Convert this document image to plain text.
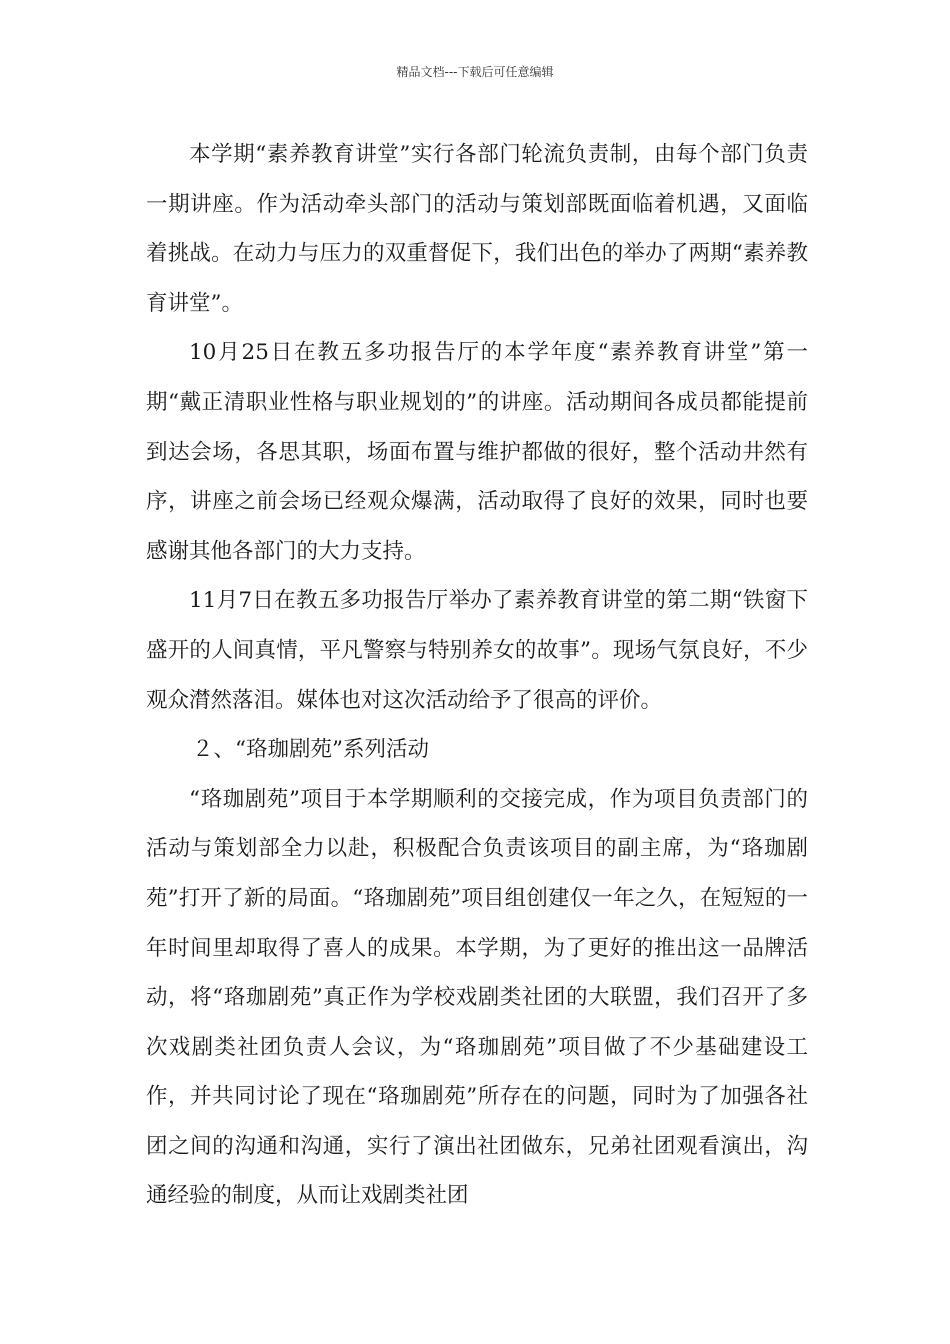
精品文档---下载后可任意编辑

本学期“素养教育讲堂”实行各部门轮流负责制，由每个部门负责一期讲座。作为活动牵头部门的活动与策划部既面临着机遇，又面临着挑战。在动力与压力的双重督促下，我们出色的举办了两期“素养教育讲堂”。

10月25日在教五多功报告厅的本学年度“素养教育讲堂”第一期“戴正清职业性格与职业规划的”的讲座。活动期间各成员都能提前到达会场，各思其职，场面布置与维护都做的很好，整个活动井然有序，讲座之前会场已经观众爆满，活动取得了良好的效果，同时也要感谢其他各部门的大力支持。

11月7日在教五多功报告厅举办了素养教育讲堂的第二期“铁窗下盛开的人间真情，平凡警察与特别养女的故事”。现场气氛良好，不少观众潸然落泪。媒体也对这次活动给予了很高的评价。

２、“珞珈剧苑”系列活动

“珞珈剧苑”项目于本学期顺利的交接完成，作为项目负责部门的活动与策划部全力以赴，积极配合负责该项目的副主席，为“珞珈剧苑”打开了新的局面。“珞珈剧苑”项目组创建仅一年之久，在短短的一年时间里却取得了喜人的成果。本学期，为了更好的推出这一品牌活动，将“珞珈剧苑”真正作为学校戏剧类社团的大联盟，我们召开了多次戏剧类社团负责人会议，为“珞珈剧苑”项目做了不少基础建设工作，并共同讨论了现在“珞珈剧苑”所存在的问题，同时为了加强各社团之间的沟通和沟通，实行了演出社团做东，兄弟社团观看演出，沟通经验的制度，从而让戏剧类社团
